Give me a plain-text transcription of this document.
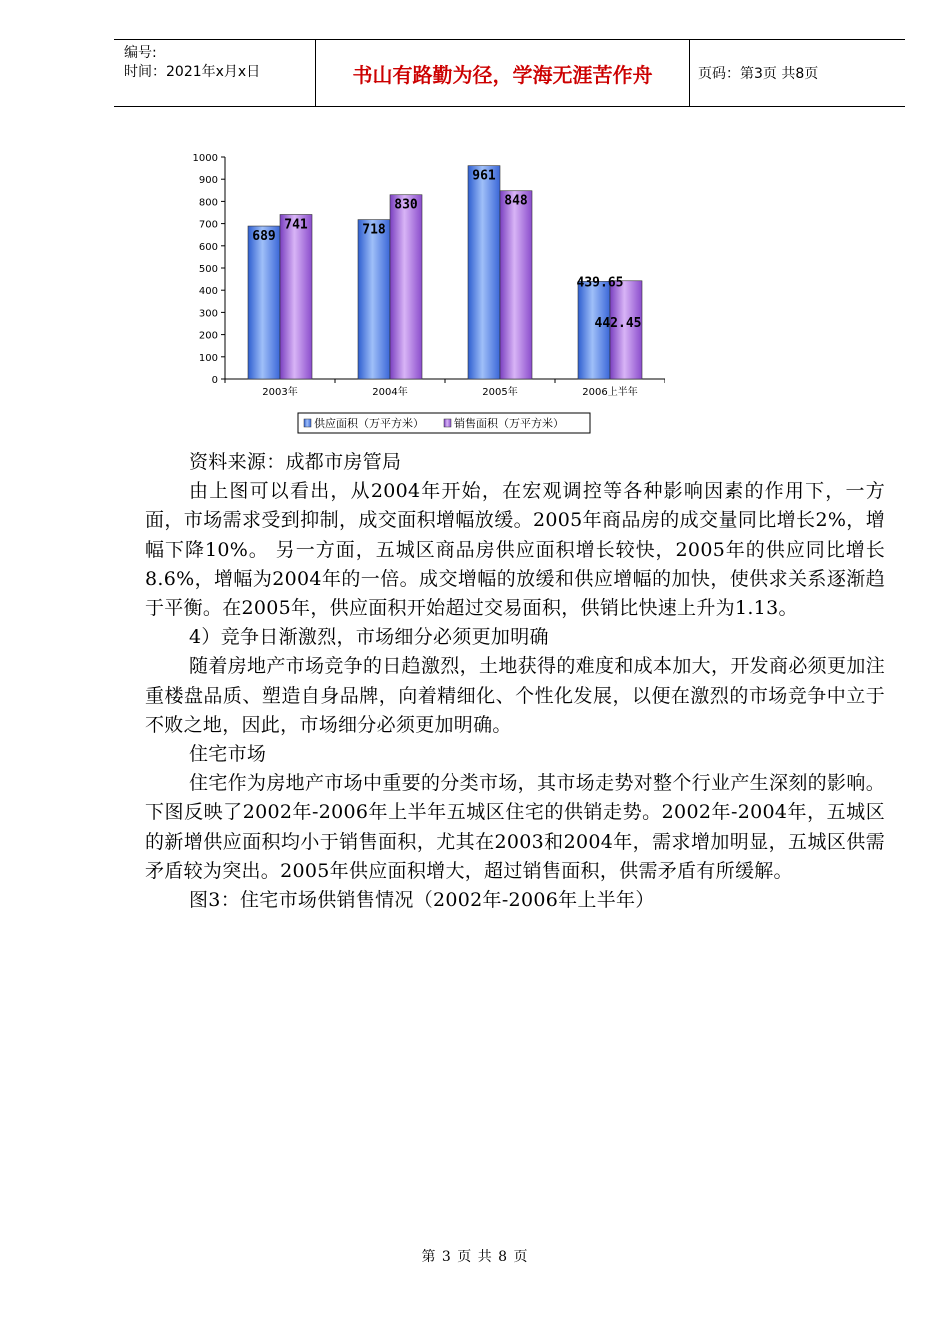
编号:
时间：2021年x月x日	书山有路勤为径，学海无涯苦作舟	页码：第3页 共8页
0
100
200
300
400
500
600
700
800
900
1000
2003年	2004年	2005年	2006上半年
689
741	718
830
961
848
439.65
442.45
供应面积（万平方米）	销售面积（万平方米）

资料来源：成都市房管局

由上图可以看出，从2004年开始，在宏观调控等各种影响因素的作用下，一方面，市场需求受到抑制，成交面积增幅放缓。2005年商品房的成交量同比增长2%，增幅下降10%。 另一方面，五城区商品房供应面积增长较快，2005年的供应同比增长8.6%，增幅为2004年的一倍。成交增幅的放缓和供应增幅的加快，使供求关系逐渐趋于平衡。在2005年，供应面积开始超过交易面积，供销比快速上升为1.13。

4）竞争日渐激烈，市场细分必须更加明确

随着房地产市场竞争的日趋激烈，土地获得的难度和成本加大，开发商必须更加注重楼盘品质、塑造自身品牌，向着精细化、个性化发展，以便在激烈的市场竞争中立于不败之地，因此，市场细分必须更加明确。

住宅市场

住宅作为房地产市场中重要的分类市场，其市场走势对整个行业产生深刻的影响。下图反映了2002年-2006年上半年五城区住宅的供销走势。2002年-2004年，五城区的新增供应面积均小于销售面积，尤其在2003和2004年，需求增加明显，五城区供需矛盾较为突出。2005年供应面积增大，超过销售面积，供需矛盾有所缓解。

图3：住宅市场供销售情况（2002年-2006年上半年）

第 3 页 共 8 页
